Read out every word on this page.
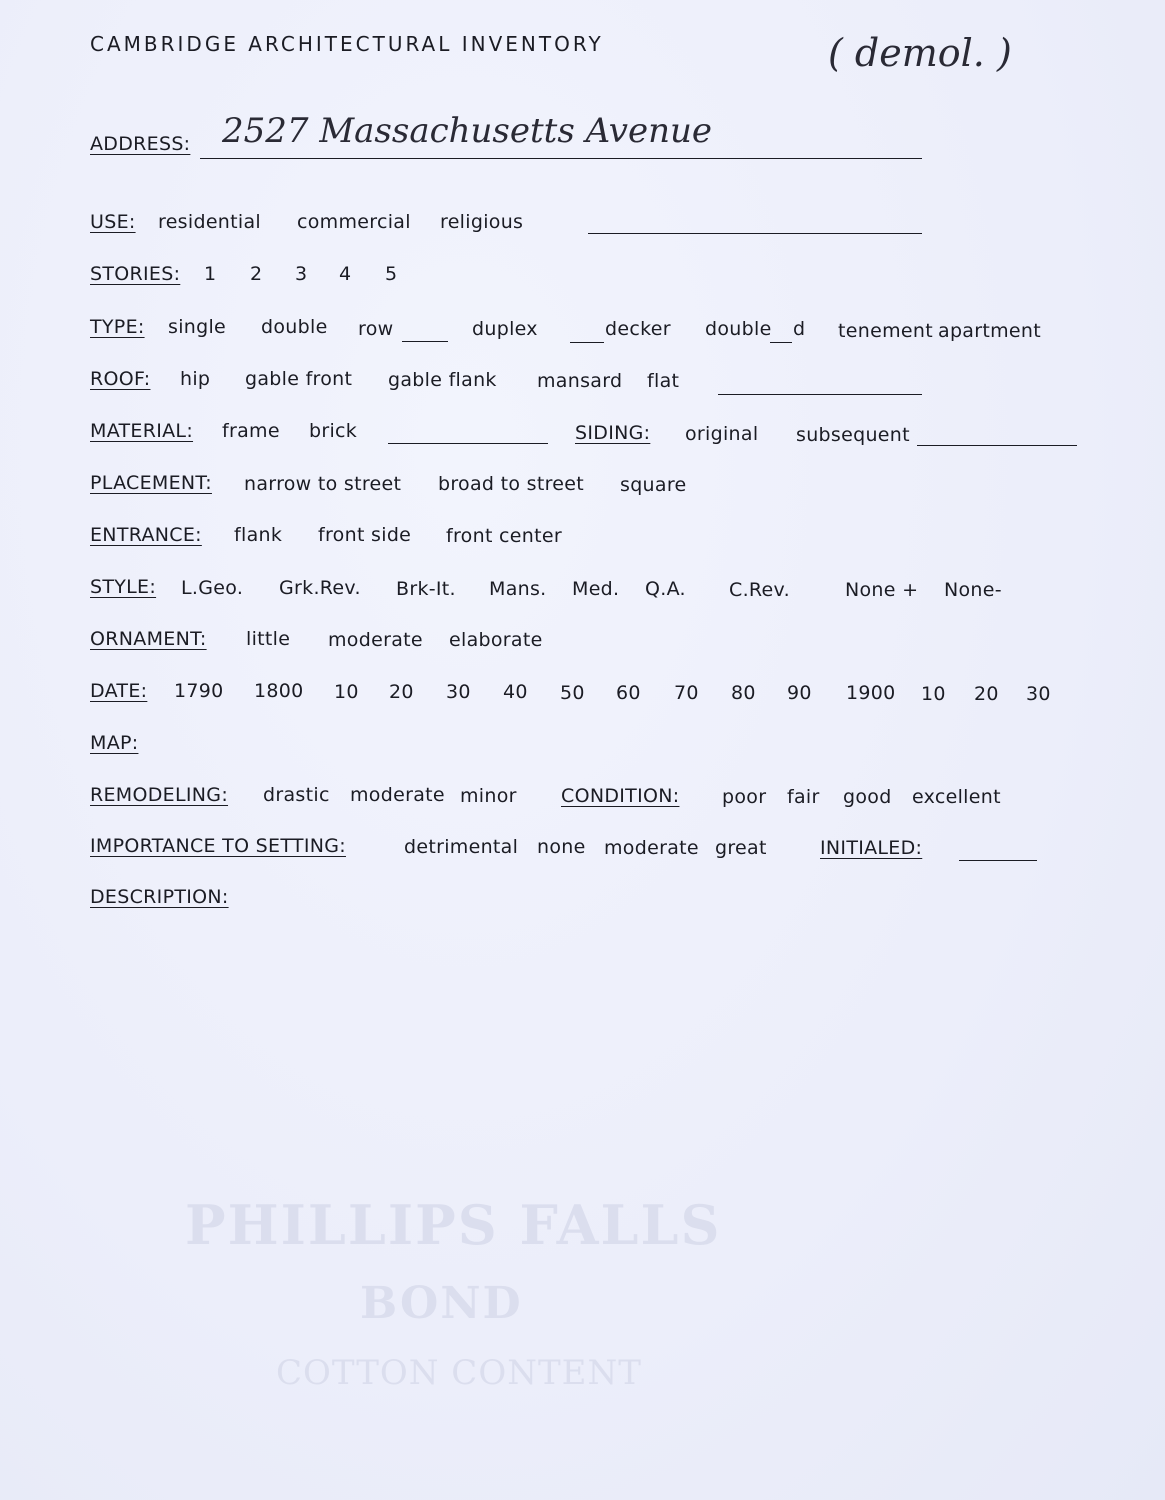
CAMBRIDGE ARCHITECTURAL INVENTORY	( demol. )
ADDRESS: 2527 Massachusetts Avenue
USE: residential commercial religious
STORIES: 1 2 3 4 5
TYPE: single double row	duplex	decker double d tenement apartment
ROOF: hip gable front gable flank mansard flat
MATERIAL: frame brick	SIDING: original subsequent
PLACEMENT: narrow to street broad to street square
ENTRANCE: flank front side front center
STYLE: L.Geo. Grk.Rev. Brk-It. Mans. Med. Q.A. C.Rev.	None + None-
ORNAMENT: little moderate elaborate
DATE: 1790 1800 10 20 30 40 50 60 70 80 90 1900 10 20 30
MAP:
REMODELING: drastic moderate minor CONDITION: poor fair good excellent
IMPORTANCE TO SETTING:	detrimental none moderate great	INITIALED:
DESCRIPTION:
PHILLIPS FALLS
BOND
COTTON CONTENT
